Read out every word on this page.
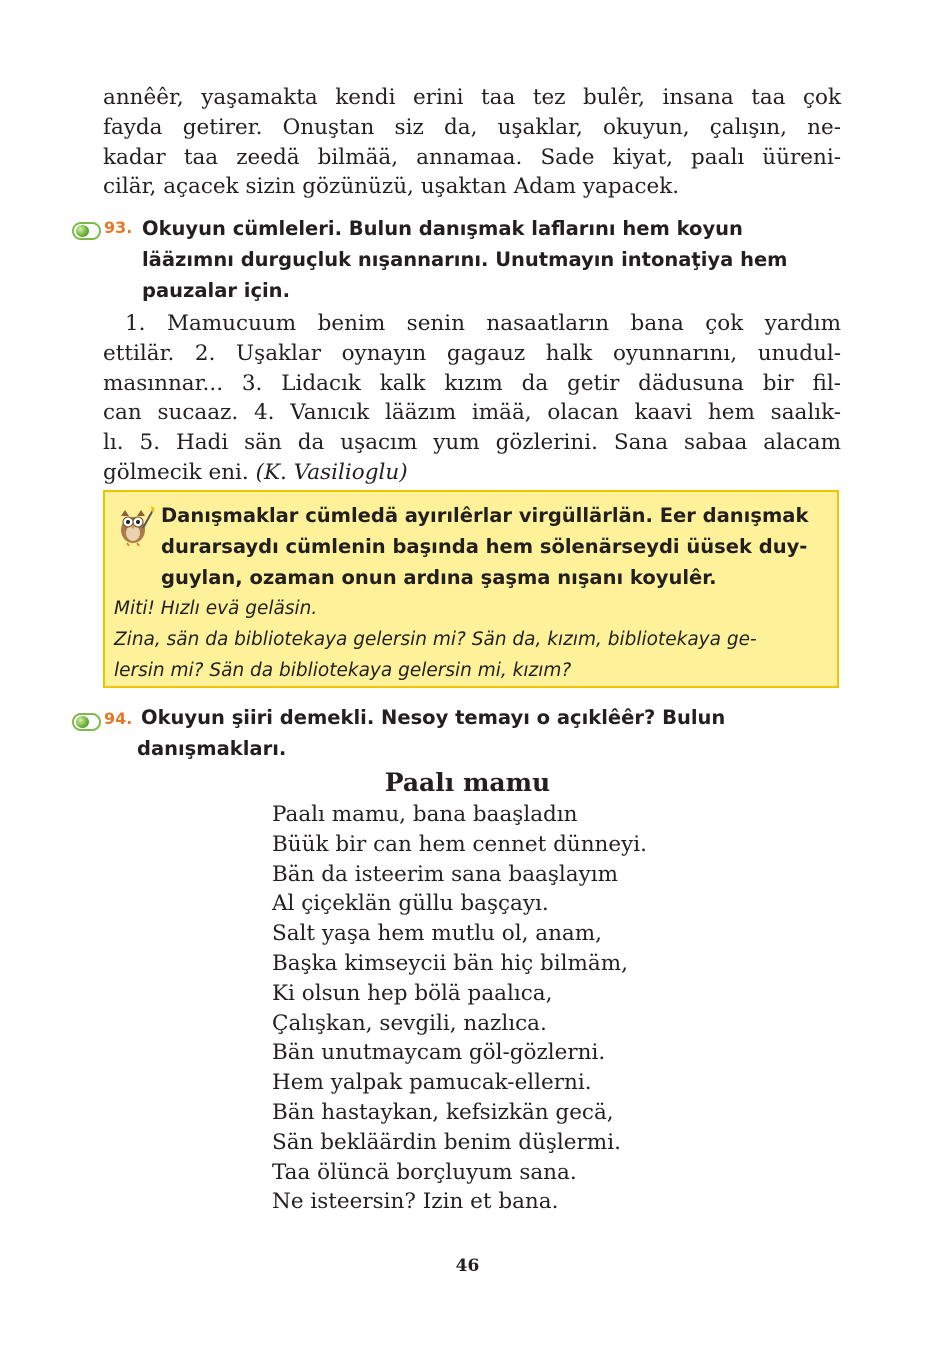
annêêr, yaşamakta kendi erini taa tez bulêr, insana taa çok
fayda getirer. Onuştan siz da, uşaklar, okuyun, çalışın, ne-
kadar taa zeedä bilmää, annamaa. Sade kiyat, paalı üüreni-
cilär, açacek sizin gözünüzü, uşaktan Adam yapacek.
93. Okuyun cümleleri. Bulun danışmak laflarını hem koyun
lääzımnı durguçluk nışannarını. Unutmayın intonaţiya hem
pauzalar için.
1. Mamucuum benim senin nasaatların bana çok yardım
ettilär. 2. Uşaklar oynayın gagauz halk oyunnarını, unudul-
masınnar... 3. Lidacık kalk kızım da getir dädusuna bir fil-
can sucaaz. 4. Vanıcık lääzım imää, olacan kaavi hem saalık-
lı. 5. Hadi sän da uşacım yum gözlerini. Sana sabaa alacam
gölmecik eni. (K. Vasilioglu)
Danışmaklar cümledä ayırılêrlar virgüllärlän. Eer danışmak
durarsaydı cümlenin başında hem sölenärseydi üüsek duy-
guylan, ozaman onun ardına şaşma nışanı koyulêr.
Miti! Hızlı evä geläsin.
Zina, sän da bibliotekaya gelersin mi? Sän da, kızım, bibliotekaya ge-
lersin mi? Sän da bibliotekaya gelersin mi, kızım?
94. Okuyun şiiri demekli. Nesoy temayı o açıklêêr? Bulun
danışmakları.
Paalı mamu
Paalı mamu, bana baaşladın
Büük bir can hem cennet dünneyi.
Bän da isteerim sana baaşlayım
Al çiçeklän güllu başçayı.
Salt yaşa hem mutlu ol, anam,
Başka kimseycii bän hiç bilmäm,
Ki olsun hep bölä paalıca,
Çalışkan, sevgili, nazlıca.
Bän unutmaycam göl-gözlerni.
Hem yalpak pamucak-ellerni.
Bän hastaykan, kefsizkän gecä,
Sän bekläärdin benim düşlermi.
Taa ölüncä borçluyum sana.
Ne isteersin? Izin et bana.
46
